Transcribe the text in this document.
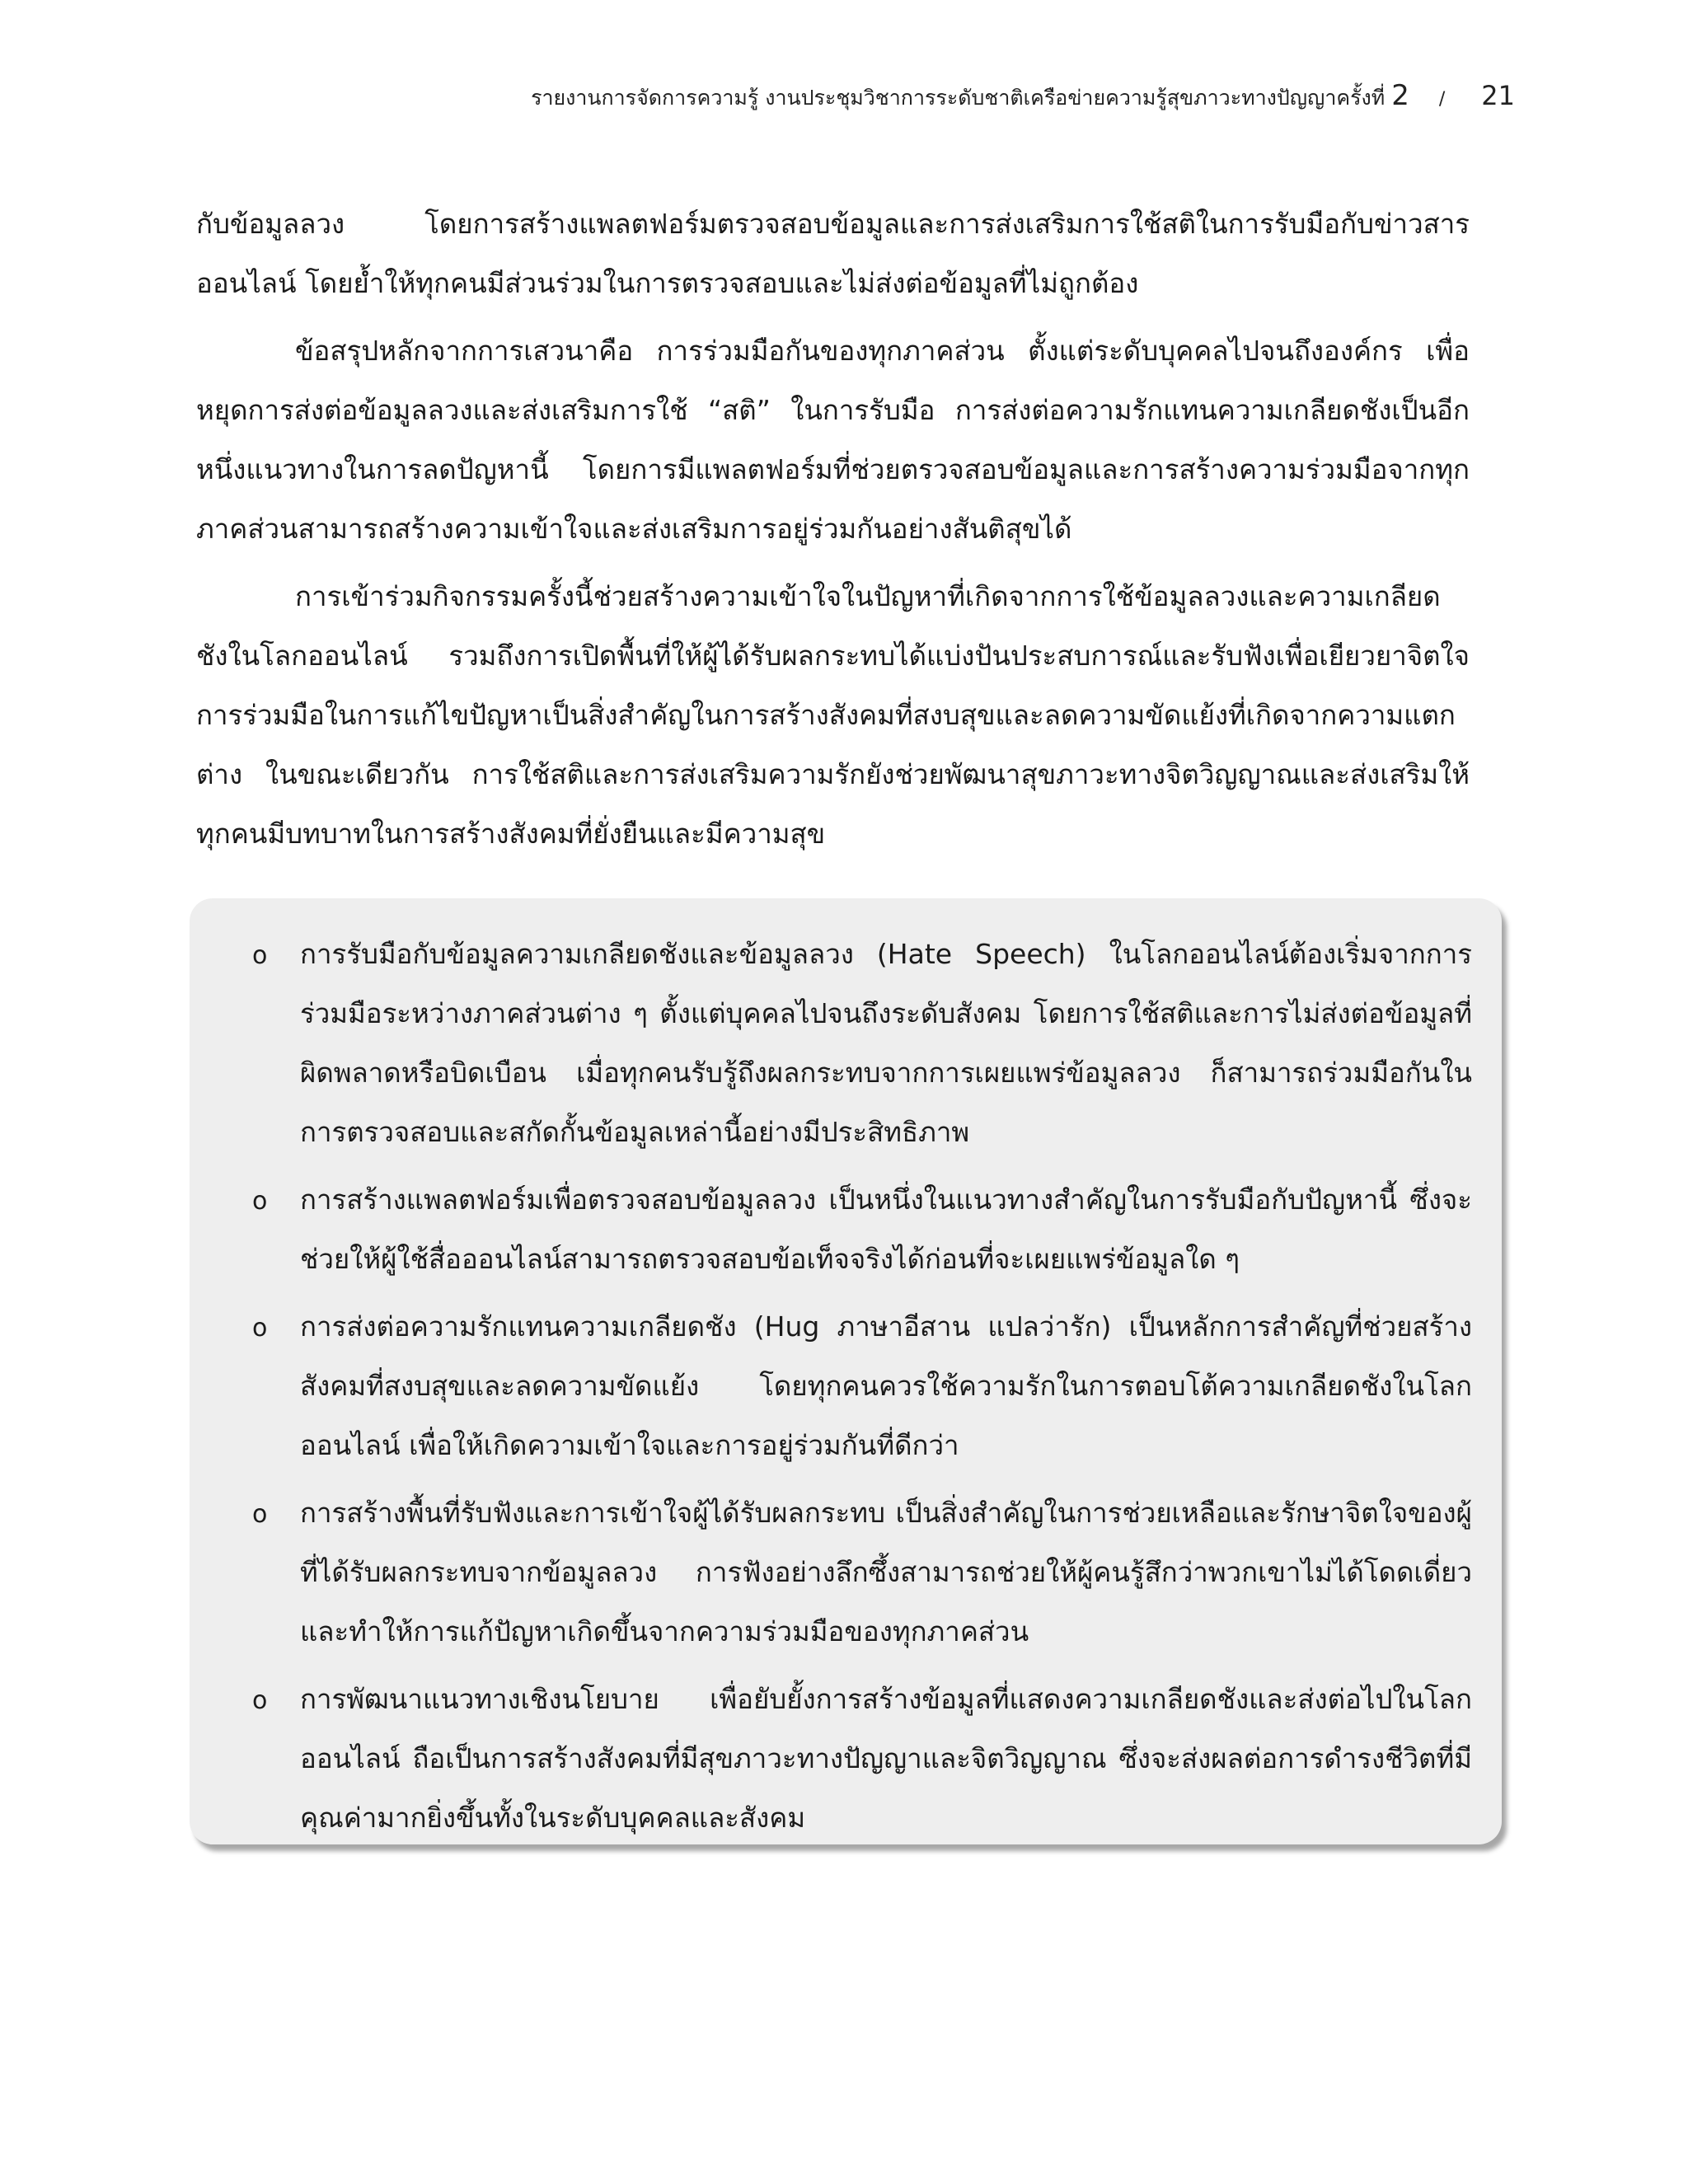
รายงานการจัดการความรู้ งานประชุมวิชาการระดับชาติเครือข่ายความรู้สุขภาวะทางปัญญาครั้งที่ 2 / 21

กับข้อมูลลวง โดยการสร้างแพลตฟอร์มตรวจสอบข้อมูลและการส่งเสริมการใช้สติในการรับมือกับข่าวสารออนไลน์ โดยย้ำให้ทุกคนมีส่วนร่วมในการตรวจสอบและไม่ส่งต่อข้อมูลที่ไม่ถูกต้อง

ข้อสรุปหลักจากการเสวนาคือ การร่วมมือกันของทุกภาคส่วน ตั้งแต่ระดับบุคคลไปจนถึงองค์กร เพื่อหยุดการส่งต่อข้อมูลลวงและส่งเสริมการใช้ “สติ” ในการรับมือ การส่งต่อความรักแทนความเกลียดชังเป็นอีกหนึ่งแนวทางในการลดปัญหานี้ โดยการมีแพลตฟอร์มที่ช่วยตรวจสอบข้อมูลและการสร้างความร่วมมือจากทุกภาคส่วนสามารถสร้างความเข้าใจและส่งเสริมการอยู่ร่วมกันอย่างสันติสุขได้

การเข้าร่วมกิจกรรมครั้งนี้ช่วยสร้างความเข้าใจในปัญหาที่เกิดจากการใช้ข้อมูลลวงและความเกลียดชังในโลกออนไลน์ รวมถึงการเปิดพื้นที่ให้ผู้ได้รับผลกระทบได้แบ่งปันประสบการณ์และรับฟังเพื่อเยียวยาจิตใจ การร่วมมือในการแก้ไขปัญหาเป็นสิ่งสำคัญในการสร้างสังคมที่สงบสุขและลดความขัดแย้งที่เกิดจากความแตกต่าง ในขณะเดียวกัน การใช้สติและการส่งเสริมความรักยังช่วยพัฒนาสุขภาวะทางจิตวิญญาณและส่งเสริมให้ทุกคนมีบทบาทในการสร้างสังคมที่ยั่งยืนและมีความสุข

o การรับมือกับข้อมูลความเกลียดชังและข้อมูลลวง (Hate Speech) ในโลกออนไลน์ต้องเริ่มจากการร่วมมือระหว่างภาคส่วนต่าง ๆ ตั้งแต่บุคคลไปจนถึงระดับสังคม โดยการใช้สติและการไม่ส่งต่อข้อมูลที่ผิดพลาดหรือบิดเบือน เมื่อทุกคนรับรู้ถึงผลกระทบจากการเผยแพร่ข้อมูลลวง ก็สามารถร่วมมือกันในการตรวจสอบและสกัดกั้นข้อมูลเหล่านี้อย่างมีประสิทธิภาพ
o การสร้างแพลตฟอร์มเพื่อตรวจสอบข้อมูลลวง เป็นหนึ่งในแนวทางสำคัญในการรับมือกับปัญหานี้ ซึ่งจะช่วยให้ผู้ใช้สื่อออนไลน์สามารถตรวจสอบข้อเท็จจริงได้ก่อนที่จะเผยแพร่ข้อมูลใด ๆ
o การส่งต่อความรักแทนความเกลียดชัง (Hug ภาษาอีสาน แปลว่ารัก) เป็นหลักการสำคัญที่ช่วยสร้างสังคมที่สงบสุขและลดความขัดแย้ง โดยทุกคนควรใช้ความรักในการตอบโต้ความเกลียดชังในโลกออนไลน์ เพื่อให้เกิดความเข้าใจและการอยู่ร่วมกันที่ดีกว่า
o การสร้างพื้นที่รับฟังและการเข้าใจผู้ได้รับผลกระทบ เป็นสิ่งสำคัญในการช่วยเหลือและรักษาจิตใจของผู้ที่ได้รับผลกระทบจากข้อมูลลวง การฟังอย่างลึกซึ้งสามารถช่วยให้ผู้คนรู้สึกว่าพวกเขาไม่ได้โดดเดี่ยว และทำให้การแก้ปัญหาเกิดขึ้นจากความร่วมมือของทุกภาคส่วน
o การพัฒนาแนวทางเชิงนโยบาย เพื่อยับยั้งการสร้างข้อมูลที่แสดงความเกลียดชังและส่งต่อไปในโลกออนไลน์ ถือเป็นการสร้างสังคมที่มีสุขภาวะทางปัญญาและจิตวิญญาณ ซึ่งจะส่งผลต่อการดำรงชีวิตที่มีคุณค่ามากยิ่งขึ้นทั้งในระดับบุคคลและสังคม
